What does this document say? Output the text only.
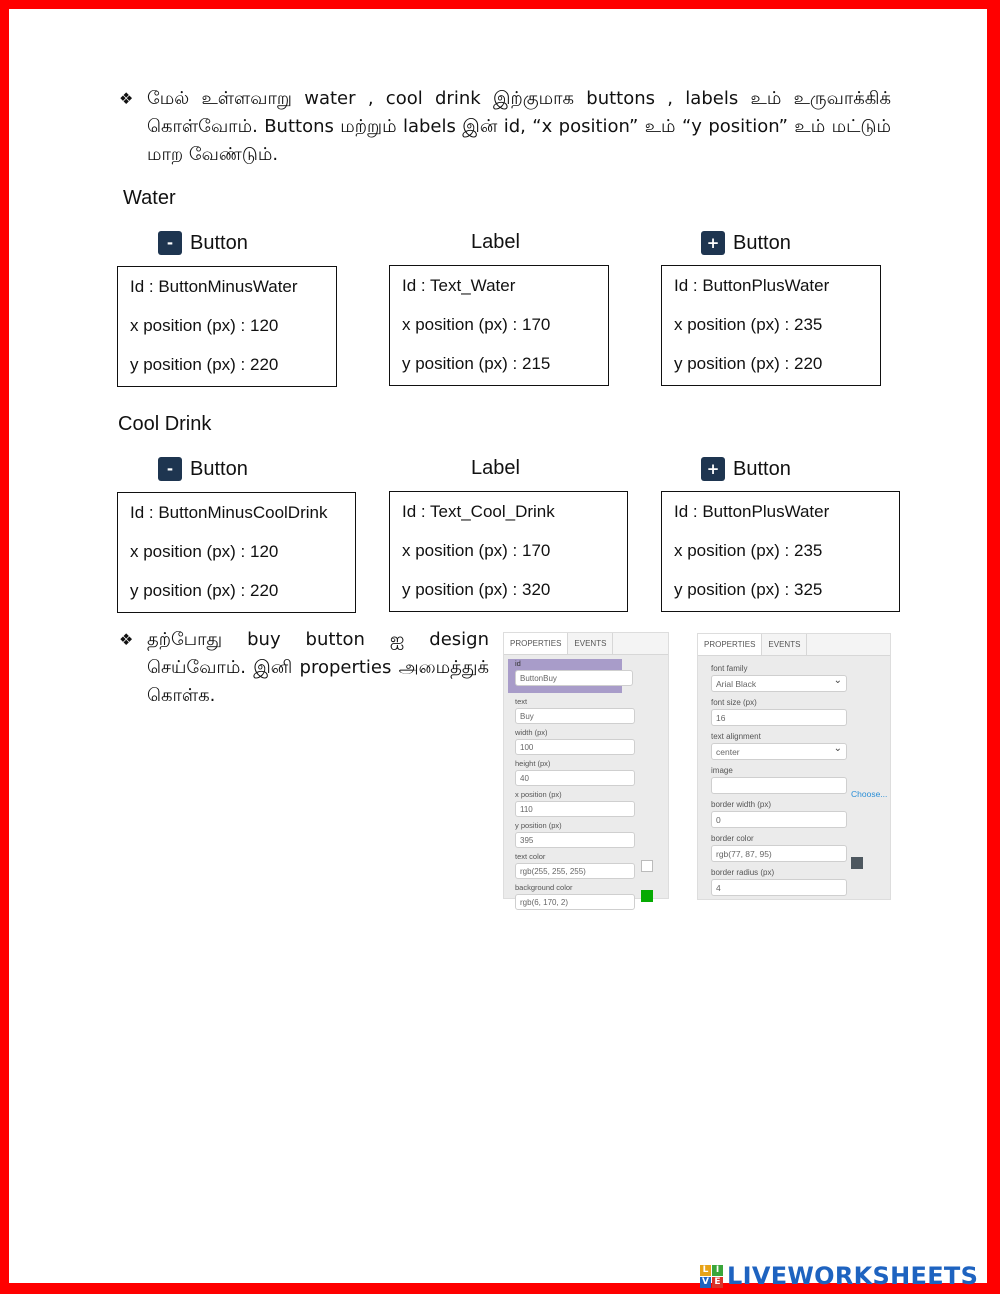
❖ மேல் உள்ளவாறு water , cool drink இற்குமாக buttons , labels உம் உருவாக்கிக் கொள்வோம். Buttons மற்றும் labels இன் id, “x position” உம் “y position” உம் மட்டும் மாற வேண்டும்.
Water
- Button	Label	+ Button
Id : ButtonMinusWater
x position (px) : 120
y position (px) : 220
Id : Text_Water
x position (px) : 170
y position (px) : 215
Id : ButtonPlusWater
x position (px) : 235
y position (px) : 220
Cool Drink
- Button	Label	+ Button
Id : ButtonMinusCoolDrink
x position (px) : 120
y position (px) : 220
Id : Text_Cool_Drink
x position (px) : 170
y position (px) : 320
Id : ButtonPlusWater
x position (px) : 235
y position (px) : 325
❖ தற்போது buy button ஐ design செய்வோம். இனி properties அமைத்துக் கொள்க.
PROPERTIES	EVENTS
id
ButtonBuy
text
Buy
width (px)
100
height (px)
40
x position (px)
110
y position (px)
395
text color
rgb(255, 255, 255)
background color
rgb(6, 170, 2)
PROPERTIES	EVENTS
font family
Arial Black ⌄
font size (px)
16
text alignment
center ⌄
image
border width (px)
0
border color
rgb(77, 87, 95)
border radius (px)
4
Choose...
L I
V E LIVEWORKSHEETS
